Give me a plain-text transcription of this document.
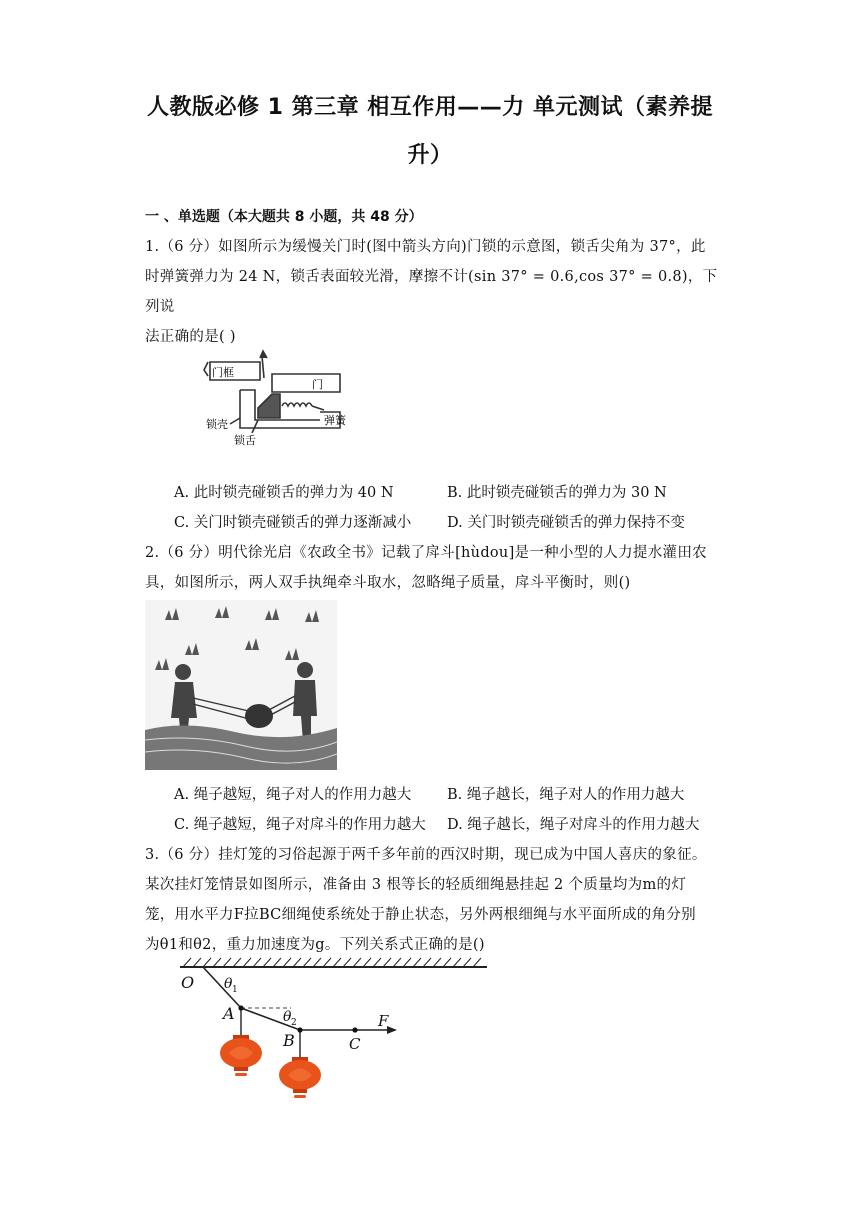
人教版必修 1 第三章 相互作用——力 单元测试（素养提
升）
一 、单选题（本大题共 8 小题，共 48 分）
1.（6 分）如图所示为缓慢关门时(图中箭头方向)门锁的示意图，锁舌尖角为 37°，此
时弹簧弹力为 24 N，锁舌表面较光滑，摩擦不计(sin 37° = 0.6,cos 37° = 0.8)，下列说
法正确的是( )
门框
门
锁壳	弹簧
锁舌
A. 此时锁壳碰锁舌的弹力为 40 N	B. 此时锁壳碰锁舌的弹力为 30 N
C. 关门时锁壳碰锁舌的弹力逐渐减小 D. 关门时锁壳碰锁舌的弹力保持不变
2.（6 分）明代徐光启《农政全书》记载了戽斗[hùdou]是一种小型的人力提水灌田农
具，如图所示，两人双手执绳牵斗取水，忽略绳子质量，戽斗平衡时，则()
A. 绳子越短，绳子对人的作用力越大 B. 绳子越长，绳子对人的作用力越大
C. 绳子越短，绳子对戽斗的作用力越大 D. 绳子越长，绳子对戽斗的作用力越大
3.（6 分）挂灯笼的习俗起源于两千多年前的西汉时期，现已成为中国人喜庆的象征。
某次挂灯笼情景如图所示，准备由 3 根等长的轻质细绳悬挂起 2 个质量均为m的灯
笼，用水平力F拉BC细绳使系统处于静止状态，另外两根细绳与水平面所成的角分别
为θ1和θ2，重力加速度为g。下列关系式正确的是()
O
A
B	C
F
θ 1
θ 2
